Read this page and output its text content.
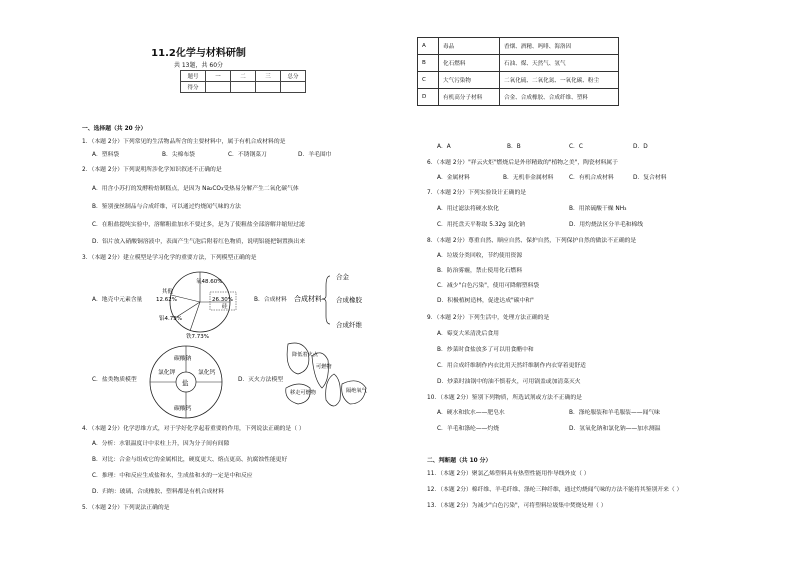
11.2化学与材料研制
共 13题，共 60分
题号	一	二	三	总分
得分				
一、选择题（共 20 分）
1．（本题 2分）下列常见的生活物品所含的主要材料中，属于有机合成材料的是
A．塑料袋	B．尖棉布袋	C．不锈钢菜刀	D．羊毛围巾
2．（本题 2分）下列说明所涉化学知识叙述不正确的是
A．用含小苏打的发酵粉焙制糕点，是因为 Na₂CO₃受热易分解产生二氧化碳气体
B．鉴别蚕丝制品与合成纤维，可以通过灼烧闻气味的方法
C．在粗盐提纯实验中，溶解粗盐加水不要过多，是为了使粗盐全部溶解并缩短过滤
D．铝片放入硝酸铜溶液中，表面产生气泡后附着红色物质，说明铝能把铜置换出来
3．（本题 2分）建立模型是学习化学的重要方法，下列模型正确的是
A．地壳中元素含量
氧48.60%
其他
12.62%	26.30%
硅
铝4.75%
铁7.73%
B．合成材料 合成材料
合金
合成橡胶
合成纤维
C．盐类物质模型	盐
碳酸钠
氯化钾	氯化钙
碳酸钙
D．灭火方法模型
降低着火点
可燃物
移走可燃物	隔绝氧气
4．（本题 2分）化学思维方式，对于学好化学起着重要的作用，下列说法正确的是（ ）
A．分析：水银温度计中汞柱上升，因为分子间有间隙
B．对比：合金与组成它的金属相比，硬度更大、熔点更高、抗腐蚀性能更好
C．推理：中和反应生成盐和水，生成盐和水的一定是中和反应
D．归纳：玻璃、合成橡胶、塑料都是有机合成材料
5．（本题 2分）下列说法正确的是
A	毒品	香烟、酒精、吗啡、海洛因
B	化石燃料	石油、煤、天然气、氢气
C	大气污染物	二氧化硫、二氧化氮、一氧化碳、粉尘
D	有机高分子材料	合金、合成橡胶、合成纤维、塑料
A．A	B．B	C．C	D．D
6．（本题 2分）"祥云火炬"燃烧后是外形精致的"植物之美"，陶瓷材料属于
A．金属材料	B．无机非金属材料	C．有机合成材料	D．复合材料
7．（本题 2分）下列实验设计正确的是
A．用过滤法将硬水软化	B．用浓硫酸干燥 NH₃
C．用托盘天平称取 5.32g 氯化钠	D．用灼烧法区分羊毛和棉线
8．（本题 2分）尊重自然、顺应自然、保护自然，下列保护自然的做法不正确的是
A．垃圾分类回收，节约使用资源
B．防治雾霾，禁止使用化石燃料
C．减少"白色污染"，使用可降解塑料袋
D．积极植树造林，促进达成"碳中和"
9．（本题 2分）下列生活中，处理方法正确的是
A．霉变大米清洗后食用
B．炒菜时食盐放多了可以用食醋中和
C．用合成纤维制作内衣比用天然纤维制作内衣穿着更舒适
D．炒菜时油锅中的油不慎着火，可用锅盖或加清菜灭火
10．（本题 2分）鉴别下列物质，所选试剂或方法不正确的是
A．硬水和软水——肥皂水	B．涤纶服装和羊毛服装——闻气味
C．羊毛和涤纶——灼烧	D．氢氧化钠和氯化钠——加水测温
二、判断题（共 10 分）
11．（本题 2分）聚氯乙烯塑料具有热塑性能用作导线外皮（ ）
12．（本题 2分）棉纤维、羊毛纤维、涤纶三种纤维，通过灼烧闻气味的方法不能将其鉴别开来（ ）
13．（本题 2分）为减少"白色污染"，可将塑料垃圾集中焚烧处理（ ）
